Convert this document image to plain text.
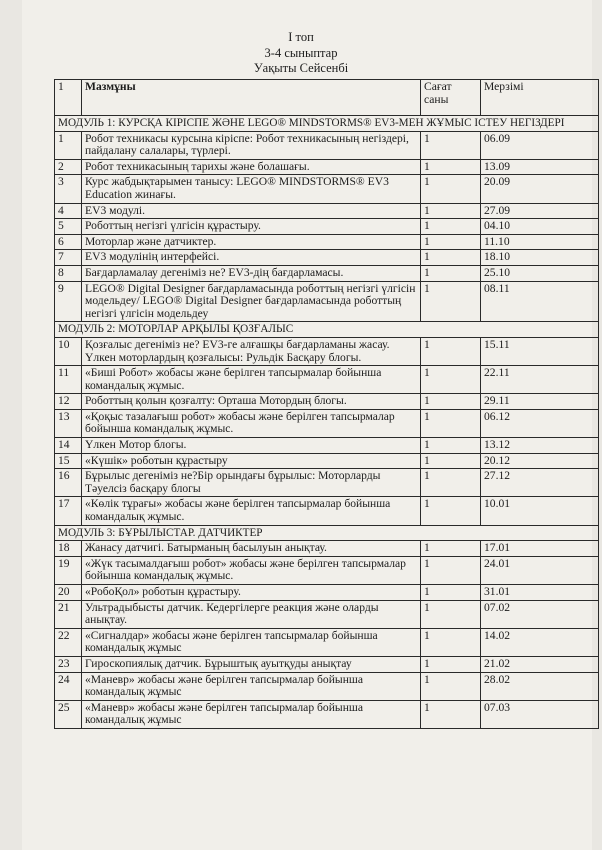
I топ
3-4 сыныптар
Уақыты Сейсенбі
1	Мазмұны	Сағат саны	Мерзімі
МОДУЛЬ 1: КУРСҚА КІРІСПЕ ЖӘНЕ LEGO® MINDSTORMS® EV3-МЕН ЖҰМЫС ІСТЕУ НЕГІЗДЕРІ			
1	Робот техникасы курсына кіріспе: Робот техникасының негіздері, пайдалану салалары, түрлері.	1	06.09
2	Робот техникасының тарихы және болашағы.	1	13.09
3	Курс жабдықтарымен танысу: LEGO® MINDSTORMS® EV3 Education жинағы.	1	20.09
4	EV3 модулі.	1	27.09
5	Роботтың негізгі үлгісін құрастыру.	1	04.10
6	Моторлар және датчиктер.	1	11.10
7	EV3 модулінің интерфейсі.	1	18.10
8	Бағдарламалау дегеніміз не? EV3-дің бағдарламасы.	1	25.10
9	LEGO® Digital Designer бағдарламасында роботтың негізгі үлгісін модельдеу/ LEGO® Digital Designer бағдарламасында роботтың негізгі үлгісін модельдеу	1	08.11
МОДУЛЬ 2: МОТОРЛАР АРҚЫЛЫ ҚОЗҒАЛЫС			
10	Қозғалыс дегеніміз не? EV3-ге алғашқы бағдарламаны жасау. Үлкен моторлардың қозғалысы: Рульдік Басқару блогы.	1	15.11
11	«Биші Робот» жобасы және берілген тапсырмалар бойынша командалық жұмыс.	1	22.11
12	Роботтың қолын қозғалту: Орташа Мотордың блогы.	1	29.11
13	«Қоқыс тазалағыш робот» жобасы және берілген тапсырмалар бойынша командалық жұмыс.	1	06.12
14	Үлкен Мотор блогы.	1	13.12
15	«Күшік» роботын құрастыру	1	20.12
16	Бұрылыс дегеніміз не?Бір орындағы бұрылыс: Моторларды Тәуелсіз басқару блогы	1	27.12
17	«Көлік тұрағы» жобасы және берілген тапсырмалар бойынша командалық жұмыс.	1	10.01
МОДУЛЬ 3: БҰРЫЛЫСТАР. ДАТЧИКТЕР			
18	Жанасу датчигі. Батырманың басылуын анықтау.	1	17.01
19	«Жүк тасымалдағыш робот» жобасы және берілген тапсырмалар бойынша командалық жұмыс.	1	24.01
20	«РобоҚол» роботын құрастыру.	1	31.01
21	Ультрадыбысты датчик. Кедергілерге реакция және оларды анықтау.	1	07.02
22	«Сигналдар» жобасы және берілген тапсырмалар бойынша командалық жұмыс	1	14.02
23	Гироскопиялық датчик. Бұрыштық ауытқуды анықтау	1	21.02
24	«Маневр» жобасы және берілген тапсырмалар бойынша командалық жұмыс	1	28.02
25	«Маневр» жобасы және берілген тапсырмалар бойынша командалық жұмыс	1	07.03
